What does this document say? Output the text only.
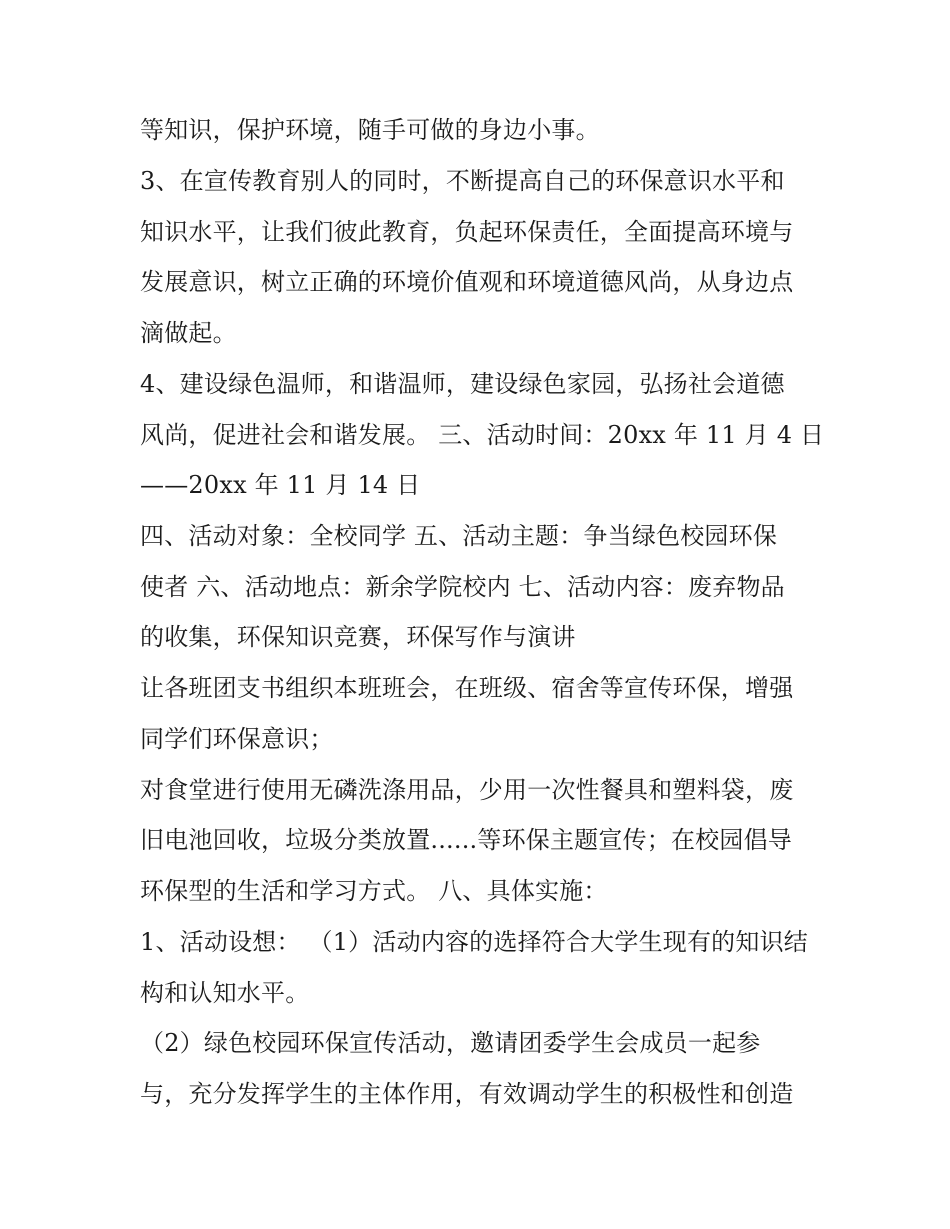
等知识，保护环境，随手可做的身边小事。
3、在宣传教育别人的同时，不断提高自己的环保意识水平和
知识水平，让我们彼此教育，负起环保责任，全面提高环境与
发展意识，树立正确的环境价值观和环境道德风尚，从身边点
滴做起。
4、建设绿色温师，和谐温师，建设绿色家园，弘扬社会道德
风尚，促进社会和谐发展。 三、活动时间：20xx 年 11 月 4 日
——20xx 年 11 月 14 日
四、活动对象：全校同学 五、活动主题：争当绿色校园环保
使者 六、活动地点：新余学院校内 七、活动内容：废弃物品
的收集，环保知识竞赛，环保写作与演讲
让各班团支书组织本班班会，在班级、宿舍等宣传环保，增强
同学们环保意识；
对食堂进行使用无磷洗涤用品，少用一次性餐具和塑料袋，废
旧电池回收，垃圾分类放置......等环保主题宣传；在校园倡导
环保型的生活和学习方式。 八、具体实施：
1、活动设想： （1）活动内容的选择符合大学生现有的知识结
构和认知水平。
（2）绿色校园环保宣传活动，邀请团委学生会成员一起参
与，充分发挥学生的主体作用，有效调动学生的积极性和创造
